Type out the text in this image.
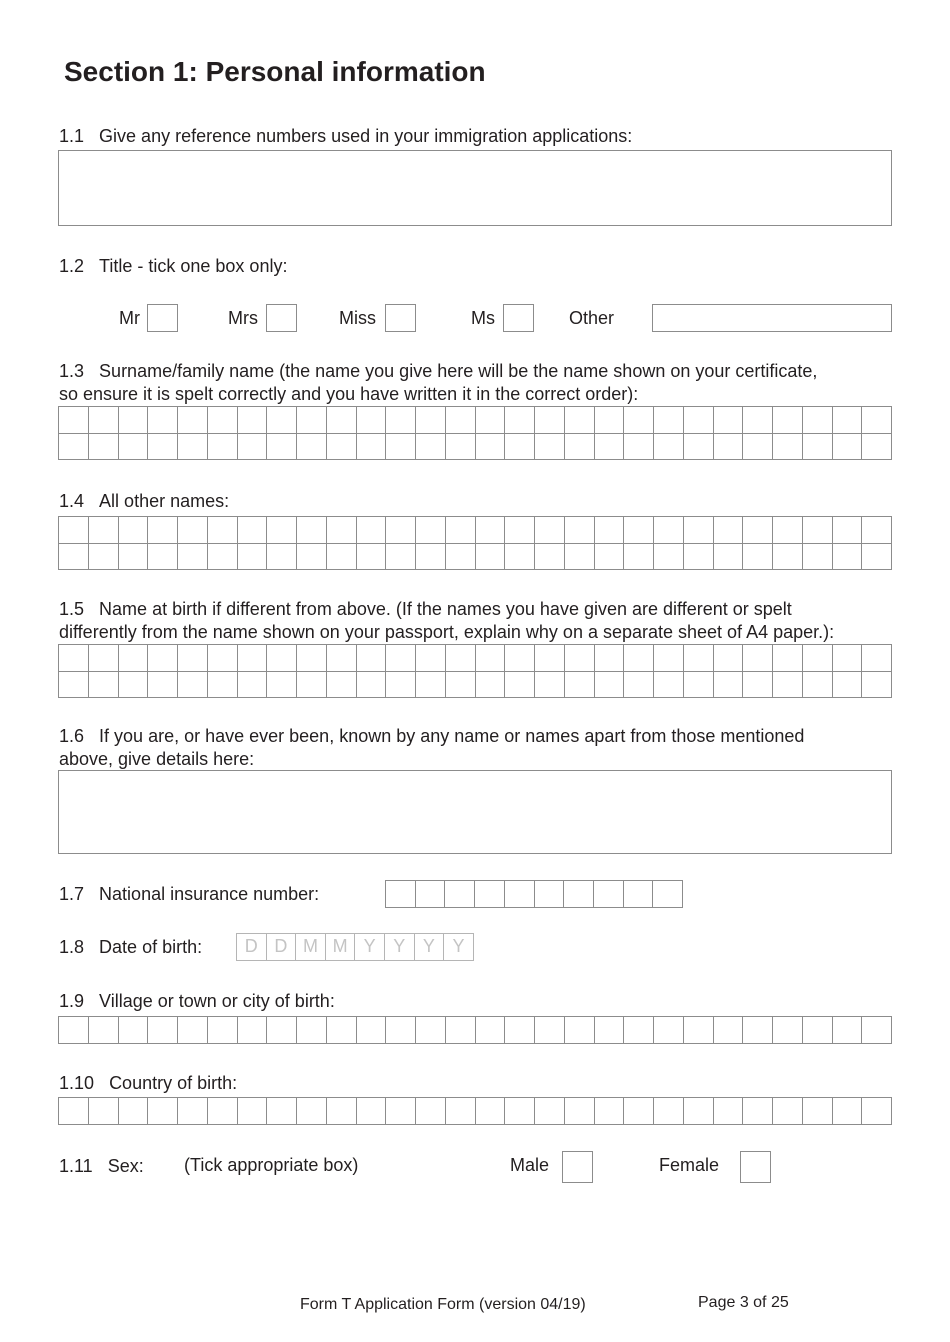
Section 1: Personal information
1.1 Give any reference numbers used in your immigration applications:
1.2 Title - tick one box only:
Mr	Mrs	Miss	Ms	Other
1.3 Surname/family name (the name you give here will be the name shown on your certificate,
so ensure it is spelt correctly and you have written it in the correct order):
1.4 All other names:
1.5 Name at birth if different from above. (If the names you have given are different or spelt
differently from the name shown on your passport, explain why on a separate sheet of A4 paper.):
1.6 If you are, or have ever been, known by any name or names apart from those mentioned
above, give details here:
1.7 National insurance number:
1.8 Date of birth:	D D M M Y Y Y Y
1.9 Village or town or city of birth:
1.10 Country of birth:
1.11 Sex: (Tick appropriate box)	Male	Female
Form T Application Form (version 04/19)	Page 3 of 25
